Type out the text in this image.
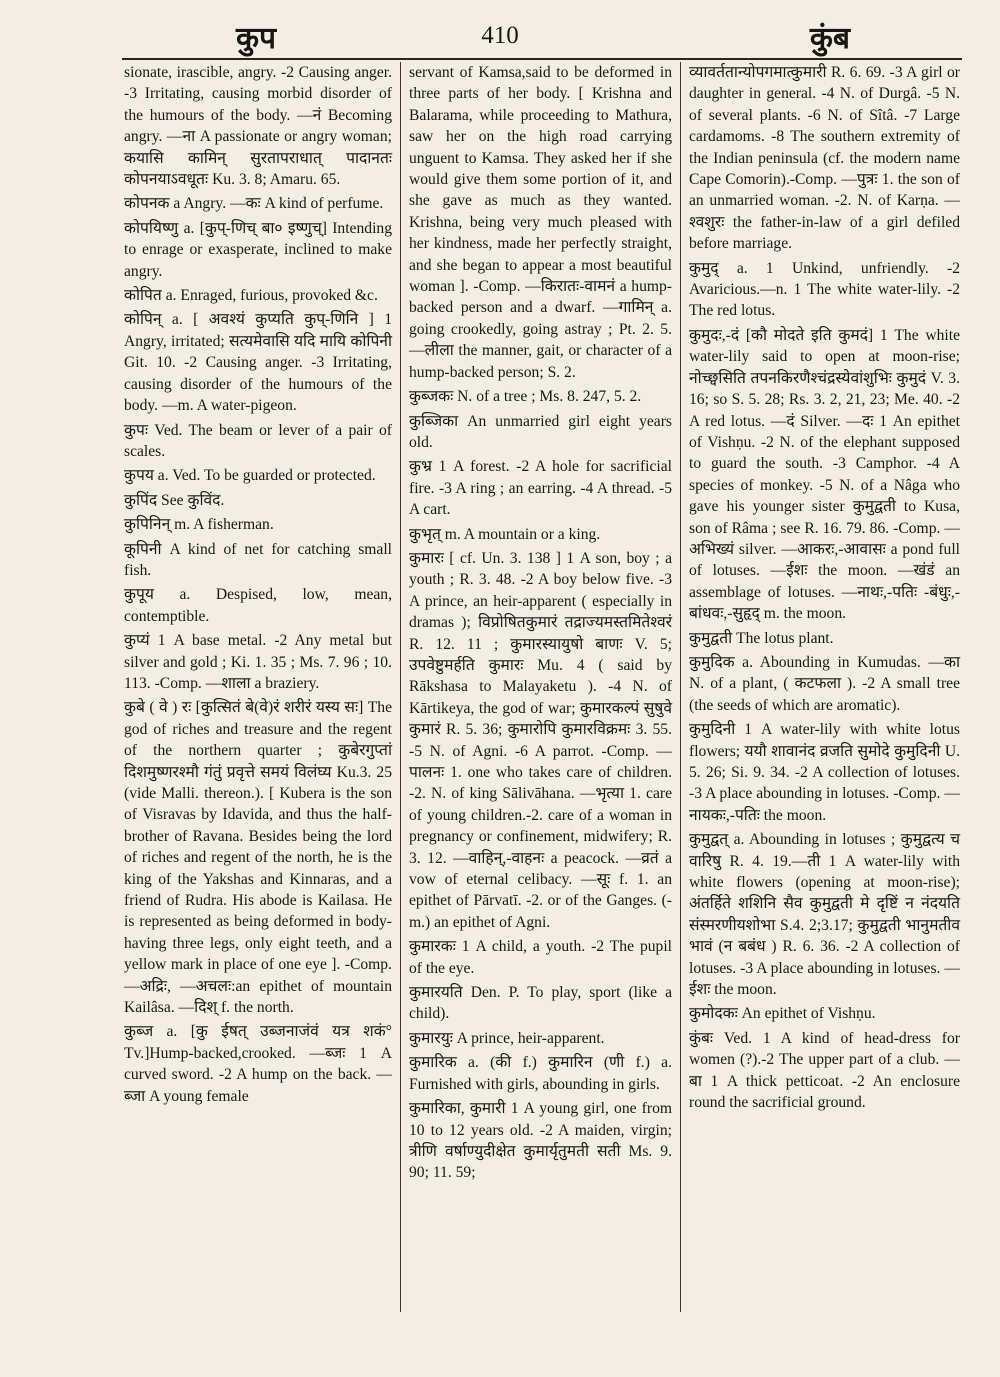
कुप	410	कुंब

sionate, irascible, angry. -2 Causing anger. -3 Irritating, causing morbid disorder of the humours of the body. —नं Becoming angry. —ना A passionate or angry woman; कयासि कामिन् सुरतापराधात् पादानतः कोपनयाऽवधूतः Ku. 3. 8; Amaru. 65.

कोपनक a Angry. —कः A kind of perfume.

कोपयिष्णु a. [कुप्-णिच् बा० इष्णुच्] Intending to enrage or exasperate, inclined to make angry.

कोपित a. Enraged, furious, provoked &c.

कोपिन् a. [ अवश्यं कुप्यति कुप्-णिनि ] 1 Angry, irritated; सत्यमेवासि यदि मायि कोपिनी Git. 10. -2 Causing anger. -3 Irritating, causing disorder of the humours of the body. —m. A water-pigeon.

कुपः Ved. The beam or lever of a pair of scales.

कुपय a. Ved. To be guarded or protected.

कुपिंद See कुविंद.

कुपिनिन् m. A fisherman.

कूपिनी A kind of net for catching small fish.

कुपूय a. Despised, low, mean, contemptible.

कुप्यं 1 A base metal. -2 Any metal but silver and gold ; Ki. 1. 35 ; Ms. 7. 96 ; 10. 113. -Comp. —शाला a braziery.

कुबे ( वे ) रः [कुत्सितं बे(वे)रं शरीरं यस्य सः] The god of riches and treasure and the regent of the northern quarter ; कुबेरगुप्तां दिशमुष्णरश्मौ गंतुं प्रवृत्ते समयं विलंघ्य Ku.3. 25 (vide Malli. thereon.). [ Kubera is the son of Visravas by Idavida, and thus the half-brother of Ravana. Besides being the lord of riches and regent of the north, he is the king of the Yakshas and Kinnaras, and a friend of Rudra. His abode is Kailasa. He is represented as being deformed in body-having three legs, only eight teeth, and a yellow mark in place of one eye ]. -Comp.—अद्रिः, —अचलः:an epithet of mountain Kailâsa. —दिश् f. the north.

कुब्ज a. [कु ईषत् उब्जनाजंवं यत्र शकं° Tv.]Hump-backed,crooked. —ब्जः 1 A curved sword. -2 A hump on the back. —ब्जा A young female

servant of Kamsa,said to be deformed in three parts of her body. [ Krishna and Balarama, while proceeding to Mathura, saw her on the high road carrying unguent to Kamsa. They asked her if she would give them some portion of it, and she gave as much as they wanted. Krishna, being very much pleased with her kindness, made her perfectly straight, and she began to appear a most beautiful woman ]. -Comp. —किरातः-वामनं a hump-backed person and a dwarf. —गामिन् a. going crookedly, going astray ; Pt. 2. 5. —लीला the manner, gait, or character of a hump-backed person; S. 2.

कुब्जकः N. of a tree ; Ms. 8. 247, 5. 2.

कुब्जिका An unmarried girl eight years old.

कुभ्र 1 A forest. -2 A hole for sacrificial fire. -3 A ring ; an earring. -4 A thread. -5 A cart.

कुभृत् m. A mountain or a king.

कुमारः [ cf. Un. 3. 138 ] 1 A son, boy ; a youth ; R. 3. 48. -2 A boy below five. -3 A prince, an heir-apparent ( especially in dramas ); विप्रोषितकुमारं तद्राज्यमस्तमितेश्वरं R. 12. 11 ; कुमारस्यायुषो बाणः V. 5; उपवेष्टुमर्हति कुमारः Mu. 4 ( said by Rākshasa to Malayaketu ). -4 N. of Kārtikeya, the god of war; कुमारकल्पं सुषुवे कुमारं R. 5. 36; कुमारोपि कुमारविक्रमः 3. 55. -5 N. of Agni. -6 A parrot. -Comp. —पालनः 1. one who takes care of children. -2. N. of king Sālivāhana. —भृत्या 1. care of young children.-2. care of a woman in pregnancy or confinement, midwifery; R. 3. 12. —वाहिन्,-वाहनः a peacock. —व्रतं a vow of eternal celibacy. —सूः f. 1. an epithet of Pārvatī. -2. or of the Ganges. (-m.) an epithet of Agni.

कुमारकः 1 A child, a youth. -2 The pupil of the eye.

कुमारयति Den. P. To play, sport (like a child).

कुमारयुः A prince, heir-apparent.

कुमारिक a. (की f.) कुमारिन (णी f.) a. Furnished with girls, abounding in girls.

कुमारिका, कुमारी 1 A young girl, one from 10 to 12 years old. -2 A maiden, virgin; त्रीणि वर्षाण्युदीक्षेत कुमार्यृतुमती सती Ms. 9. 90; 11. 59;

व्यावर्ततान्योपगमात्कुमारी R. 6. 69. -3 A girl or daughter in general. -4 N. of Durgâ. -5 N. of several plants. -6 N. of Sîtâ. -7 Large cardamoms. -8 The southern extremity of the Indian peninsula (cf. the modern name Cape Comorin).-Comp. —पुत्रः 1. the son of an unmarried woman. -2. N. of Karṇa. —श्वशुरः the father-in-law of a girl defiled before marriage.

कुमुद् a. 1 Unkind, unfriendly. -2 Avaricious.—n. 1 The white water-lily. -2 The red lotus.

कुमुदः,-दं [कौ मोदते इति कुमदं] 1 The white water-lily said to open at moon-rise; नोच्छ्वसिति तपनकिरणैश्चंद्रस्येवांशुभिः कुमुदं V. 3. 16; so S. 5. 28; Rs. 3. 2, 21, 23; Me. 40. -2 A red lotus. —दं Silver. —दः 1 An epithet of Vishṇu. -2 N. of the elephant supposed to guard the south. -3 Camphor. -4 A species of monkey. -5 N. of a Nâga who gave his younger sister कुमुद्वती to Kusa, son of Râma ; see R. 16. 79. 86. -Comp. —अभिख्यं silver. —आकरः,-आवासः a pond full of lotuses. —ईशः the moon. —खंडं an assemblage of lotuses. —नाथः,-पतिः -बंधुः,-बांधवः,-सुहृद् m. the moon.

कुमुद्वती The lotus plant.

कुमुदिक a. Abounding in Kumudas. —का N. of a plant, ( कटफला ). -2 A small tree (the seeds of which are aromatic).

कुमुदिनी 1 A water-lily with white lotus flowers; ययौ शावानंद व्रजति सुमोदे कुमुदिनी U. 5. 26; Si. 9. 34. -2 A collection of lotuses. -3 A place abounding in lotuses. -Comp. —नायकः,-पतिः the moon.

कुमुद्वत् a. Abounding in lotuses ; कुमुद्वत्य च वारिषु R. 4. 19.—ती 1 A water-lily with white flowers (opening at moon-rise); अंतर्हिते शशिनि सैव कुमुद्वती मे दृष्टिं न नंदयति संस्मरणीयशोभा S.4. 2;3.17; कुमुद्वती भानुमतीव भावं (न बबंध ) R. 6. 36. -2 A collection of lotuses. -3 A place abounding in lotuses. —ईशः the moon.

कुमोदकः An epithet of Vishṇu.

कुंबः Ved. 1 A kind of head-dress for women (?).-2 The upper part of a club. —बा 1 A thick petticoat. -2 An enclosure round the sacrificial ground.
